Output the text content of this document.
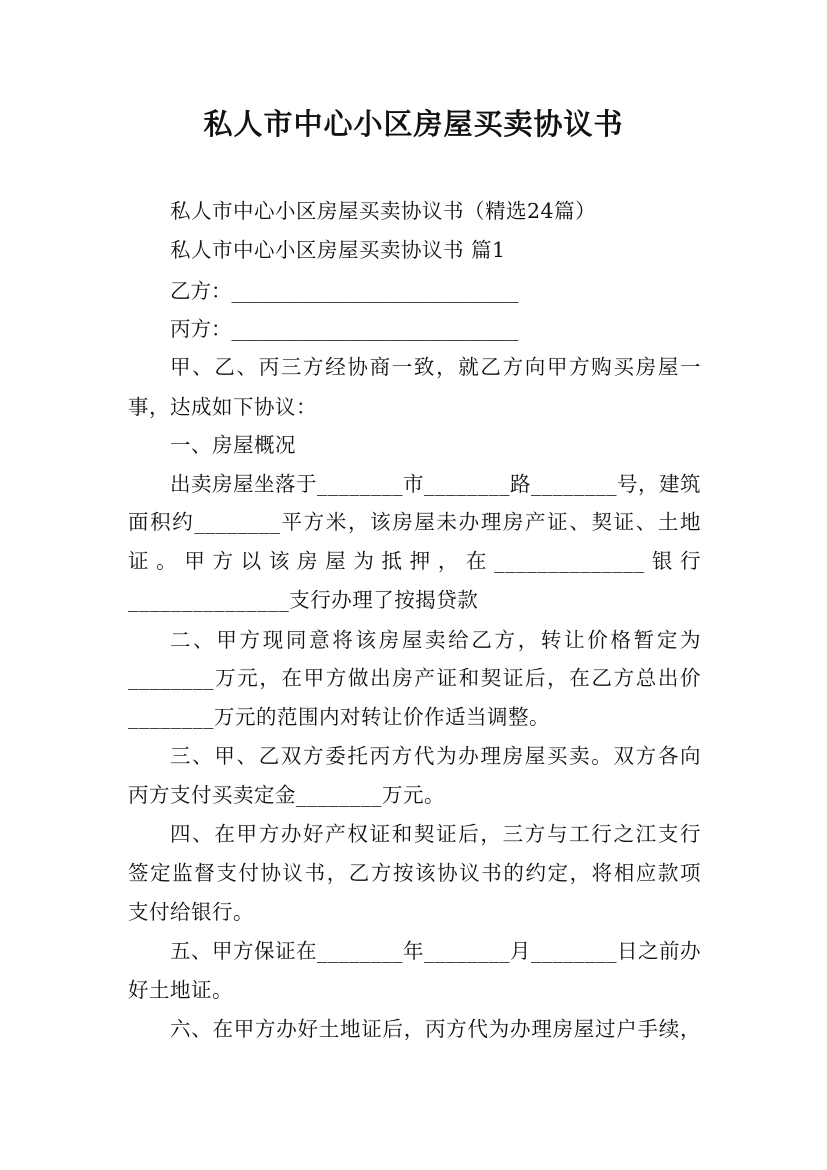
私人市中心小区房屋买卖协议书
私人市中心小区房屋买卖协议书（精选24篇）
私人市中心小区房屋买卖协议书 篇1
乙方：____________________________
丙方：____________________________
甲、乙、丙三方经协商一致，就乙方向甲方购买房屋一
事，达成如下协议：
一、房屋概况
出卖房屋坐落于________市________路________号，建筑
面积约________平方米，该房屋未办理房产证、契证、土地
证。甲方以该房屋为抵押，在______________银行
_______________支行办理了按揭贷款
二、甲方现同意将该房屋卖给乙方，转让价格暂定为
________万元，在甲方做出房产证和契证后，在乙方总出价
________万元的范围内对转让价作适当调整。
三、甲、乙双方委托丙方代为办理房屋买卖。双方各向
丙方支付买卖定金________万元。
四、在甲方办好产权证和契证后，三方与工行之江支行
签定监督支付协议书，乙方按该协议书的约定，将相应款项
支付给银行。
五、甲方保证在________年________月________日之前办
好土地证。
六、在甲方办好土地证后，丙方代为办理房屋过户手续，
